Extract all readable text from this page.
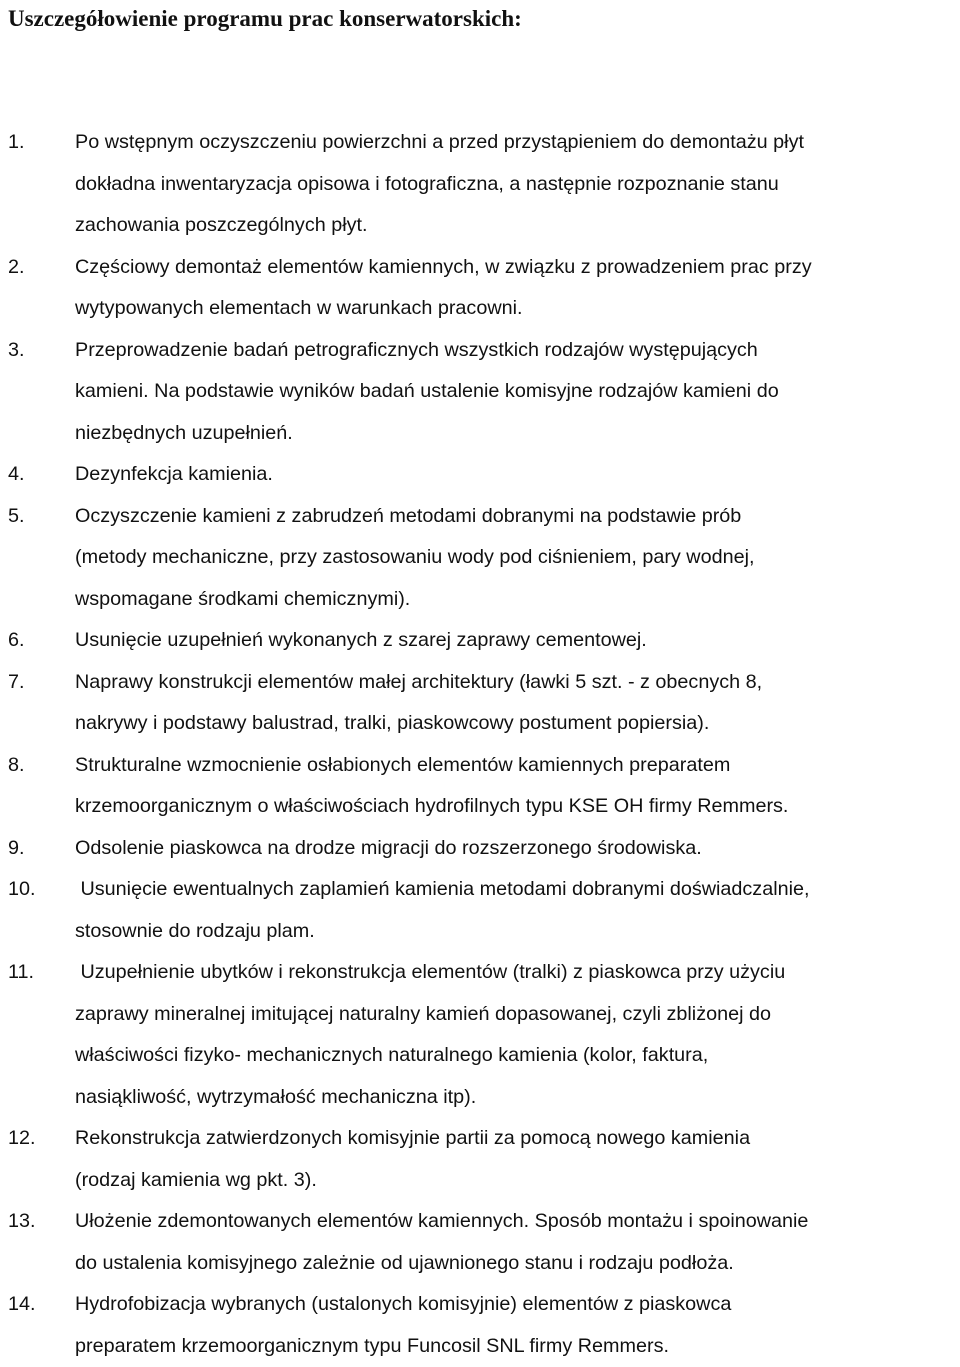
Uszczegółowienie programu prac konserwatorskich:
1.	Po wstępnym oczyszczeniu powierzchni a przed przystąpieniem do demontażu płyt
dokładna inwentaryzacja opisowa i fotograficzna, a następnie rozpoznanie stanu
zachowania poszczególnych płyt.
2.	Częściowy demontaż elementów kamiennych, w związku z prowadzeniem prac przy
wytypowanych elementach w warunkach pracowni.
3.	Przeprowadzenie badań petrograficznych wszystkich rodzajów występujących
kamieni. Na podstawie wyników badań ustalenie komisyjne rodzajów kamieni do
niezbędnych uzupełnień.
4.	Dezynfekcja kamienia.
5.	Oczyszczenie kamieni z zabrudzeń metodami dobranymi na podstawie prób
(metody mechaniczne, przy zastosowaniu wody pod ciśnieniem, pary wodnej,
wspomagane środkami chemicznymi).
6.	Usunięcie uzupełnień wykonanych z szarej zaprawy cementowej.
7.	Naprawy konstrukcji elementów małej architektury (ławki 5 szt. - z obecnych 8,
nakrywy i podstawy balustrad, tralki, piaskowcowy postument popiersia).
8.	Strukturalne wzmocnienie osłabionych elementów kamiennych preparatem
krzemoorganicznym o właściwościach hydrofilnych typu KSE OH firmy Remmers.
9.	Odsolenie piaskowca na drodze migracji do rozszerzonego środowiska.
10. Usunięcie ewentualnych zaplamień kamienia metodami dobranymi doświadczalnie,
stosownie do rodzaju plam.
11. Uzupełnienie ubytków i rekonstrukcja elementów (tralki) z piaskowca przy użyciu
zaprawy mineralnej imitującej naturalny kamień dopasowanej, czyli zbliżonej do
właściwości fizyko- mechanicznych naturalnego kamienia (kolor, faktura,
nasiąkliwość, wytrzymałość mechaniczna itp).
12. Rekonstrukcja zatwierdzonych komisyjnie partii za pomocą nowego kamienia
(rodzaj kamienia wg pkt. 3).
13. Ułożenie zdemontowanych elementów kamiennych. Sposób montażu i spoinowanie
do ustalenia komisyjnego zależnie od ujawnionego stanu i rodzaju podłoża.
14. Hydrofobizacja wybranych (ustalonych komisyjnie) elementów z piaskowca
preparatem krzemoorganicznym typu Funcosil SNL firmy Remmers.
